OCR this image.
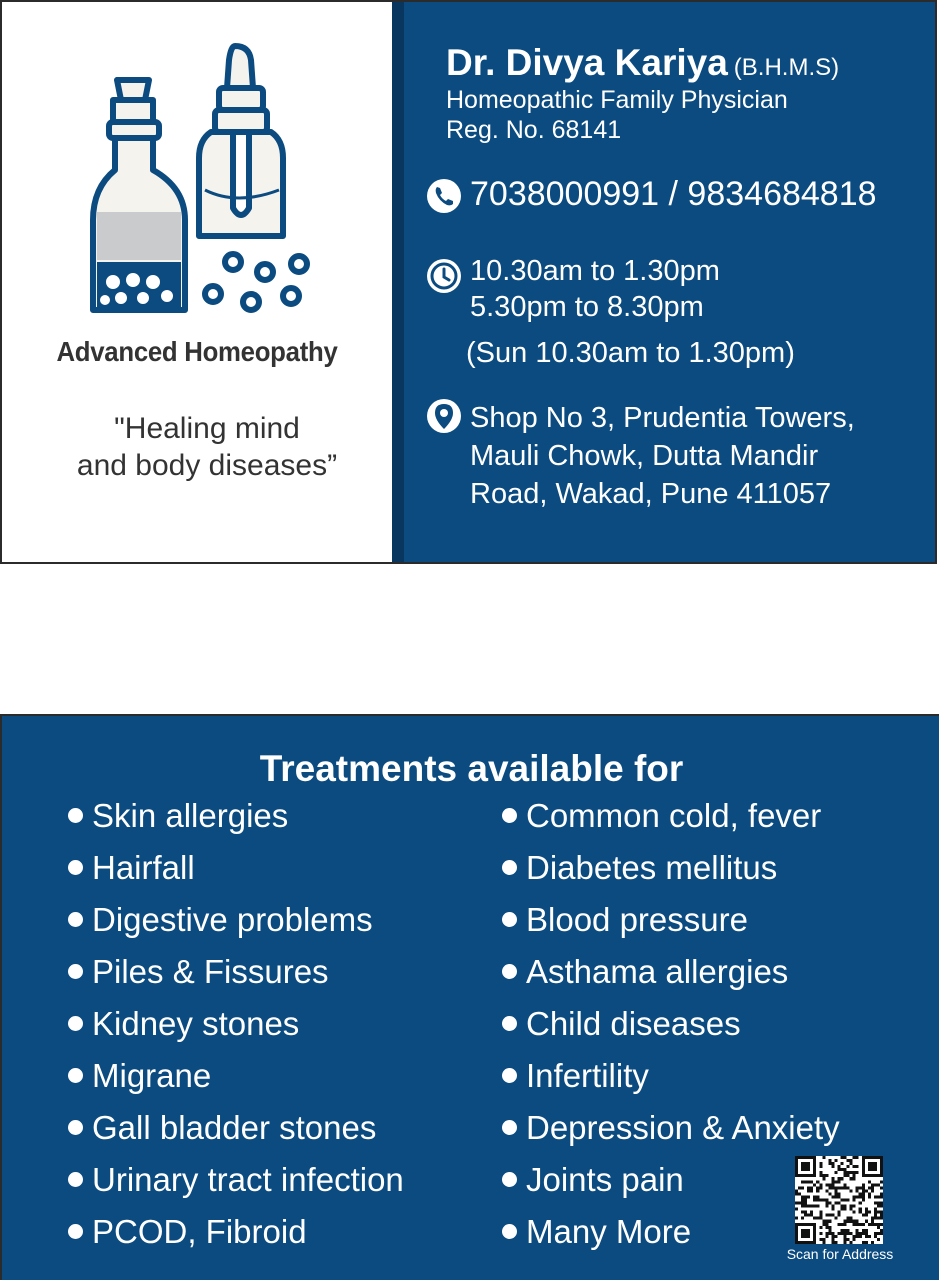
Advanced Homeopathy
"Healing mind
and body diseases”
Dr. Divya Kariya (B.H.M.S)
Homeopathic Family Physician
Reg. No. 68141
7038000991 / 9834684818
10.30am to 1.30pm
5.30pm to 8.30pm
(Sun 10.30am to 1.30pm)
Shop No 3, Prudentia Towers, Mauli Chowk, Dutta Mandir Road, Wakad, Pune 411057
Treatments available for
Skin allergies
Hairfall
Digestive problems
Piles & Fissures
Kidney stones
Migrane
Gall bladder stones
Urinary tract infection
PCOD, Fibroid
Common cold, fever
Diabetes mellitus
Blood pressure
Asthama allergies
Child diseases
Infertility
Depression & Anxiety
Joints pain
Many More
Scan for Address
